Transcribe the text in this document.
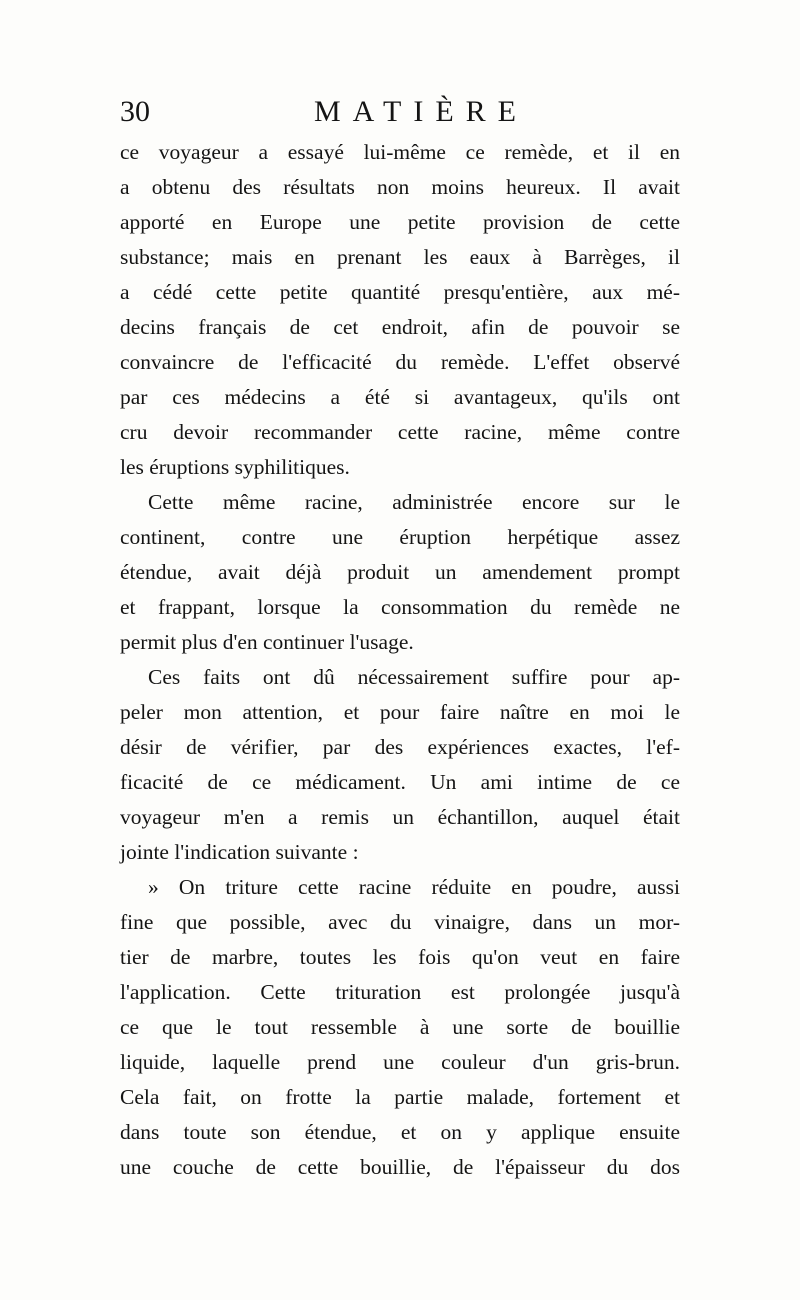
30	MATIÈRE
ce voyageur a essayé lui-même ce remède, et il en
a obtenu des résultats non moins heureux. Il avait
apporté en Europe une petite provision de cette
substance; mais en prenant les eaux à Barrèges, il
a cédé cette petite quantité presqu'entière, aux mé-
decins français de cet endroit, afin de pouvoir se
convaincre de l'efficacité du remède. L'effet observé
par ces médecins a été si avantageux, qu'ils ont
cru devoir recommander cette racine, même contre
les éruptions syphilitiques.
Cette même racine, administrée encore sur le
continent, contre une éruption herpétique assez
étendue, avait déjà produit un amendement prompt
et frappant, lorsque la consommation du remède ne
permit plus d'en continuer l'usage.
Ces faits ont dû nécessairement suffire pour ap-
peler mon attention, et pour faire naître en moi le
désir de vérifier, par des expériences exactes, l'ef-
ficacité de ce médicament. Un ami intime de ce
voyageur m'en a remis un échantillon, auquel était
jointe l'indication suivante :
» On triture cette racine réduite en poudre, aussi
fine que possible, avec du vinaigre, dans un mor-
tier de marbre, toutes les fois qu'on veut en faire
l'application. Cette trituration est prolongée jusqu'à
ce que le tout ressemble à une sorte de bouillie
liquide, laquelle prend une couleur d'un gris-brun.
Cela fait, on frotte la partie malade, fortement et
dans toute son étendue, et on y applique ensuite
une couche de cette bouillie, de l'épaisseur du dos
